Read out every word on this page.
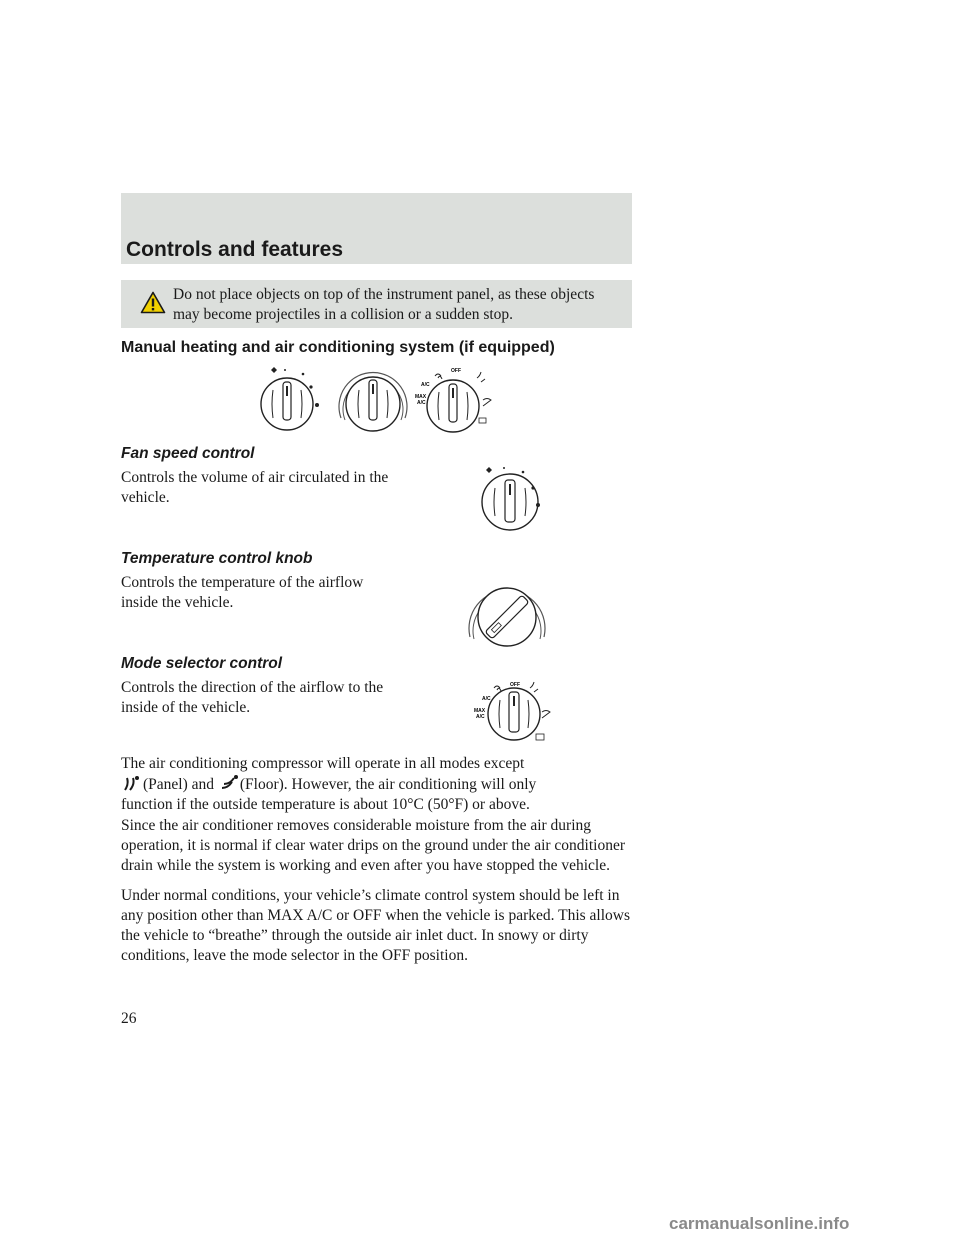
Controls and features
Do not place objects on top of the instrument panel, as these objects may become projectiles in a collision or a sudden stop.
Manual heating and air conditioning system (if equipped)
OFF
A/C
MAX
A/C
Fan speed control
Controls the volume of air circulated in the vehicle.
Temperature control knob
Controls the temperature of the airflow inside the vehicle.
Mode selector control
Controls the direction of the airflow to the inside of the vehicle.
OFF
A/C
MAX
A/C
The air conditioning compressor will operate in all modes except
(Panel) and (Floor). However, the air conditioning will only
function if the outside temperature is about 10°C (50°F) or above.
Since the air conditioner removes considerable moisture from the air during operation, it is normal if clear water drips on the ground under the air conditioner drain while the system is working and even after you have stopped the vehicle.
Under normal conditions, your vehicle’s climate control system should be left in any position other than MAX A/C or OFF when the vehicle is parked. This allows the vehicle to “breathe” through the outside air inlet duct. In snowy or dirty conditions, leave the mode selector in the OFF position.
26
carmanualsonline.info
